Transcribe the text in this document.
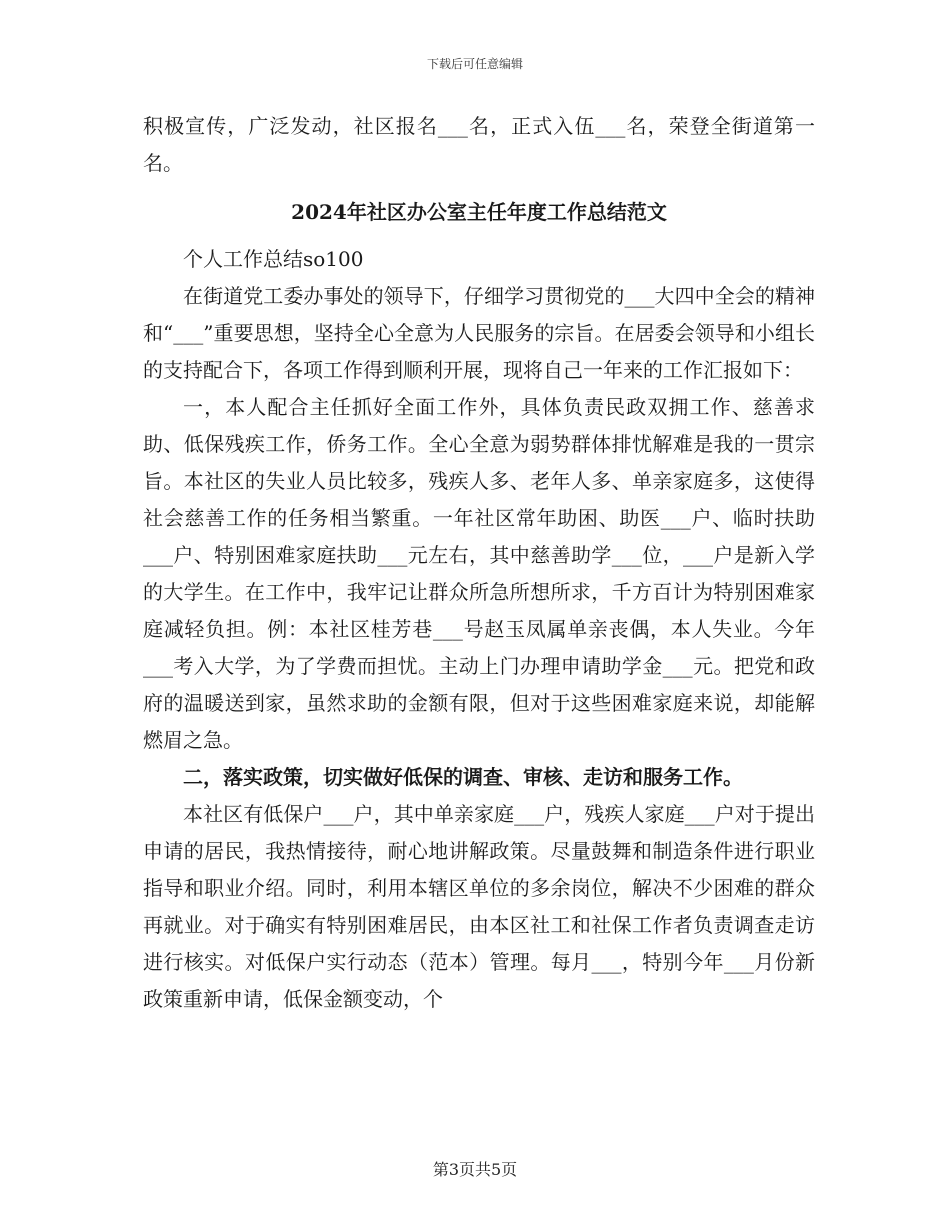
下载后可任意编辑

积极宣传，广泛发动，社区报名___名，正式入伍___名，荣登全街道第一名。

2024年社区办公室主任年度工作总结范文

个人工作总结so100

在街道党工委办事处的领导下，仔细学习贯彻党的___大四中全会的精神和“___”重要思想，坚持全心全意为人民服务的宗旨。在居委会领导和小组长的支持配合下，各项工作得到顺利开展，现将自己一年来的工作汇报如下：

一，本人配合主任抓好全面工作外，具体负责民政双拥工作、慈善求助、低保残疾工作，侨务工作。全心全意为弱势群体排忧解难是我的一贯宗旨。本社区的失业人员比较多，残疾人多、老年人多、单亲家庭多，这使得社会慈善工作的任务相当繁重。一年社区常年助困、助医___户、临时扶助___户、特别困难家庭扶助___元左右，其中慈善助学___位，___户是新入学的大学生。在工作中，我牢记让群众所急所想所求，千方百计为特别困难家庭减轻负担。例：本社区桂芳巷___号赵玉凤属单亲丧偶，本人失业。今年___考入大学，为了学费而担忧。主动上门办理申请助学金___元。把党和政府的温暖送到家，虽然求助的金额有限，但对于这些困难家庭来说，却能解燃眉之急。

二，落实政策，切实做好低保的调查、审核、走访和服务工作。

本社区有低保户___户，其中单亲家庭___户，残疾人家庭___户对于提出申请的居民，我热情接待，耐心地讲解政策。尽量鼓舞和制造条件进行职业指导和职业介绍。同时，利用本辖区单位的多余岗位，解决不少困难的群众再就业。对于确实有特别困难居民，由本区社工和社保工作者负责调查走访进行核实。对低保户实行动态（范本）管理。每月___，特别今年___月份新政策重新申请，低保金额变动，个

第3页共5页
